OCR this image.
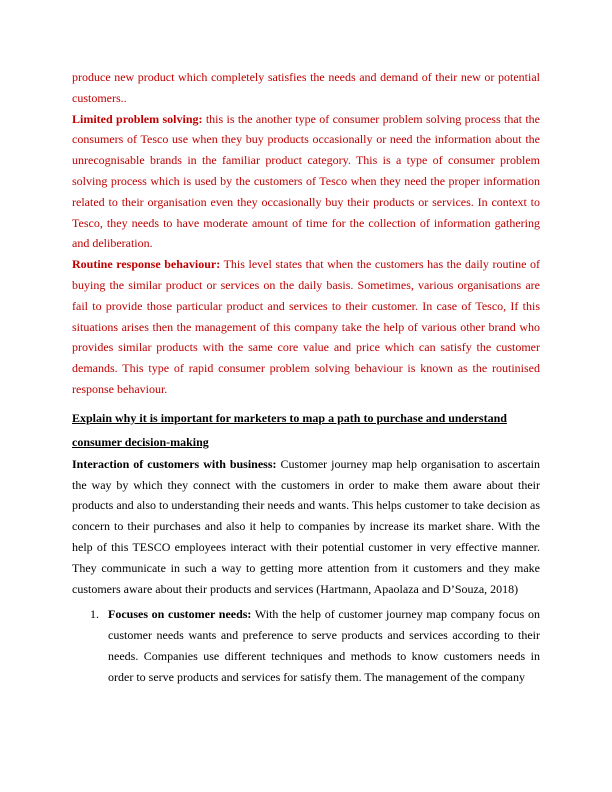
produce new product which completely satisfies the needs and demand of their new or potential customers..

Limited problem solving: this is the another type of consumer problem solving process that the consumers of Tesco use when they buy products occasionally or need the information about the unrecognisable brands in the familiar product category. This is a type of consumer problem solving process which is used by the customers of Tesco when they need the proper information related to their organisation even they occasionally buy their products or services. In context to Tesco, they needs to have moderate amount of time for the collection of information gathering and deliberation.

Routine response behaviour: This level states that when the customers has the daily routine of buying the similar product or services on the daily basis. Sometimes, various organisations are fail to provide those particular product and services to their customer. In case of Tesco, If this situations arises then the management of this company take the help of various other brand who provides similar products with the same core value and price which can satisfy the customer demands. This type of rapid consumer problem solving behaviour is known as the routinised response behaviour.

Explain why it is important for marketers to map a path to purchase and understand consumer decision-making

Interaction of customers with business: Customer journey map help organisation to ascertain the way by which they connect with the customers in order to make them aware about their products and also to understanding their needs and wants. This helps customer to take decision as concern to their purchases and also it help to companies by increase its market share. With the help of this TESCO employees interact with their potential customer in very effective manner. They communicate in such a way to getting more attention from it customers and they make customers aware about their products and services (Hartmann, Apaolaza and D’Souza, 2018)

1. Focuses on customer needs: With the help of customer journey map company focus on customer needs wants and preference to serve products and services according to their needs. Companies use different techniques and methods to know customers needs in order to serve products and services for satisfy them. The management of the company
